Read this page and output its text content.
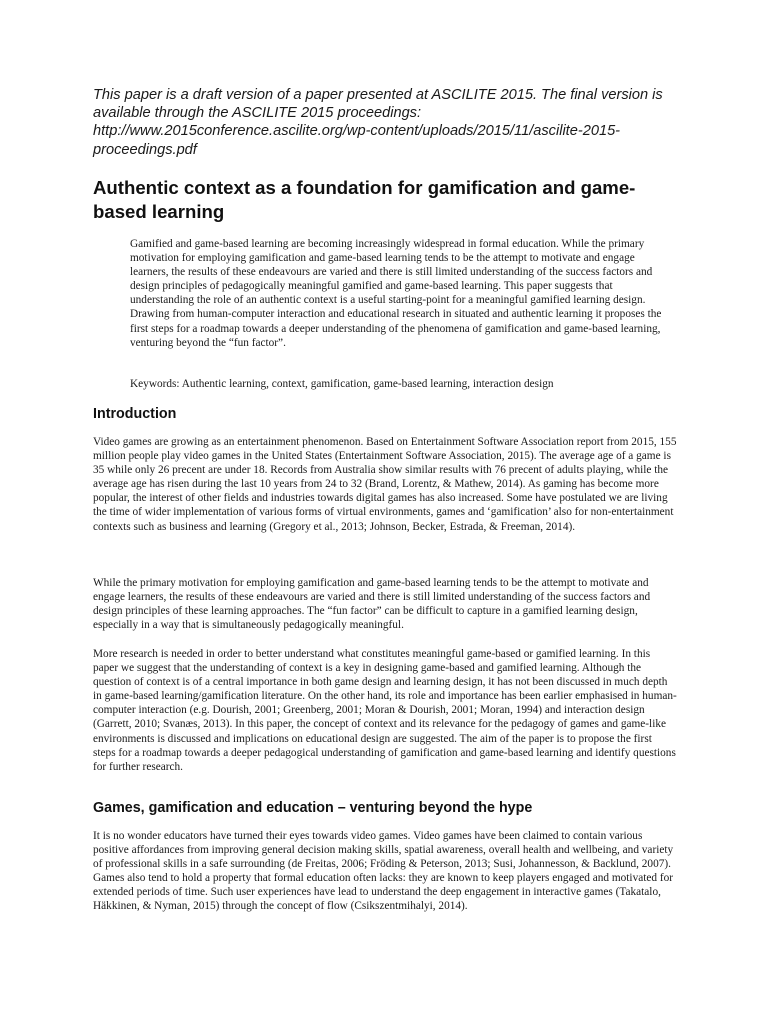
This paper is a draft version of a paper presented at ASCILITE 2015. The final version is available through the ASCILITE 2015 proceedings: http://www.2015conference.ascilite.org/wp-content/uploads/2015/11/ascilite-2015-proceedings.pdf

Authentic context as a foundation for gamification and game-based learning

Gamified and game-based learning are becoming increasingly widespread in formal education. While the primary motivation for employing gamification and game-based learning tends to be the attempt to motivate and engage learners, the results of these endeavours are varied and there is still limited understanding of the success factors and design principles of pedagogically meaningful gamified and game-based learning. This paper suggests that understanding the role of an authentic context is a useful starting-point for a meaningful gamified learning design. Drawing from human-computer interaction and educational research in situated and authentic learning it proposes the first steps for a roadmap towards a deeper understanding of the phenomena of gamification and game-based learning, venturing beyond the “fun factor”.

Keywords: Authentic learning, context, gamification, game-based learning, interaction design

Introduction

Video games are growing as an entertainment phenomenon. Based on Entertainment Software Association report from 2015, 155 million people play video games in the United States (Entertainment Software Association, 2015). The average age of a game is 35 while only 26 precent are under 18. Records from Australia show similar results with 76 precent of adults playing, while the average age has risen during the last 10 years from 24 to 32 (Brand, Lorentz, & Mathew, 2014). As gaming has become more popular, the interest of other fields and industries towards digital games has also increased. Some have postulated we are living the time of wider implementation of various forms of virtual environments, games and ‘gamification’ also for non-entertainment contexts such as business and learning (Gregory et al., 2013; Johnson, Becker, Estrada, & Freeman, 2014).

While the primary motivation for employing gamification and game-based learning tends to be the attempt to motivate and engage learners, the results of these endeavours are varied and there is still limited understanding of the success factors and design principles of these learning approaches. The “fun factor” can be difficult to capture in a gamified learning design, especially in a way that is simultaneously pedagogically meaningful.

More research is needed in order to better understand what constitutes meaningful game-based or gamified learning. In this paper we suggest that the understanding of context is a key in designing game-based and gamified learning. Although the question of context is of a central importance in both game design and learning design, it has not been discussed in much depth in game-based learning/gamification literature. On the other hand, its role and importance has been earlier emphasised in human-computer interaction (e.g. Dourish, 2001; Greenberg, 2001; Moran & Dourish, 2001; Moran, 1994) and interaction design (Garrett, 2010; Svanæs, 2013). In this paper, the concept of context and its relevance for the pedagogy of games and game-like environments is discussed and implications on educational design are suggested. The aim of the paper is to propose the first steps for a roadmap towards a deeper pedagogical understanding of gamification and game-based learning and identify questions for further research.

Games, gamification and education – venturing beyond the hype

It is no wonder educators have turned their eyes towards video games. Video games have been claimed to contain various positive affordances from improving general decision making skills, spatial awareness, overall health and wellbeing, and variety of professional skills in a safe surrounding (de Freitas, 2006; Fröding & Peterson, 2013; Susi, Johannesson, & Backlund, 2007). Games also tend to hold a property that formal education often lacks: they are known to keep players engaged and motivated for extended periods of time. Such user experiences have lead to understand the deep engagement in interactive games (Takatalo, Häkkinen, & Nyman, 2015) through the concept of flow (Csikszentmihalyi, 2014).
